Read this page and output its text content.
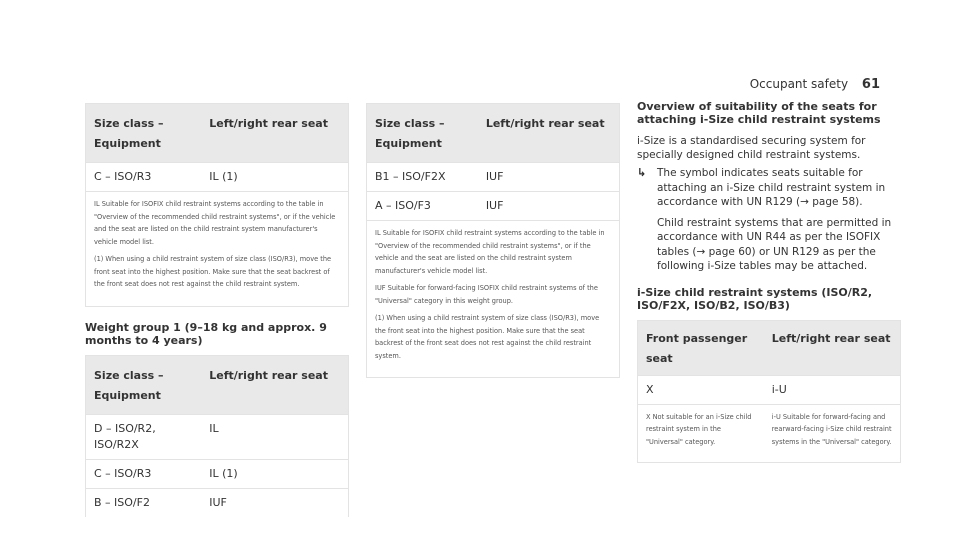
Occupant safety 61
Size class –
Equipment	Left/right rear seat
C – ISO/R3	IL (1)

IL Suitable for ISOFIX child restraint systems according to the table in "Overview of the recommended child restraint systems", or if the vehicle and the seat are listed on the child restraint system manufacturer's vehicle model list.

(1) When using a child restraint system of size class (ISO/R3), move the front seat into the highest position. Make sure that the seat backrest of the front seat does not rest against the child restraint system.	

Weight group 1 (9–18 kg and approx. 9 months to 4 years)
Size class –
Equipment	Left/right rear seat
D – ISO/R2,
ISO/R2X	IL
C – ISO/R3	IL (1)
B – ISO/F2	IUF
Size class –
Equipment	Left/right rear seat
B1 – ISO/F2X	IUF
A – ISO/F3	IUF

IL Suitable for ISOFIX child restraint systems according to the table in "Overview of the recommended child restraint systems", or if the vehicle and the seat are listed on the child restraint system manufacturer's vehicle model list.

IUF Suitable for forward-facing ISOFIX child restraint systems of the "Universal" category in this weight group.

(1) When using a child restraint system of size class (ISO/R3), move the front seat into the highest position. Make sure that the seat backrest of the front seat does not rest against the child restraint system.	

Overview of suitability of the seats for attaching i-Size child restraint systems

i-Size is a standardised securing system for specially designed child restraint systems.

↳	The symbol indicates seats suitable for attaching an i-Size child restraint system in accordance with UN R129 (→ page 58).

Child restraint systems that are permitted in accordance with UN R44 as per the ISOFIX tables (→ page 60) or UN R129 as per the following i-Size tables may be attached.

i-Size child restraint systems (ISO/R2, ISO/F2X, ISO/B2, ISO/B3)
Front passenger seat	Left/right rear seat
X	i-U
X Not suitable for an i-Size child restraint system in the "Universal" category.	i-U Suitable for forward-facing and rearward-facing i-Size child restraint systems in the "Universal" category.
